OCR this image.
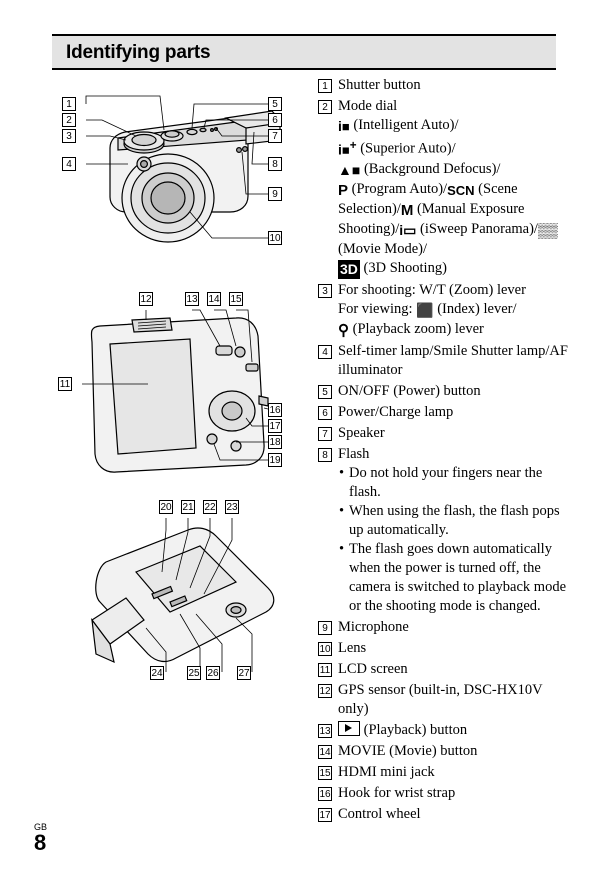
Identifying parts
1
2
3
4
5
6
7
8
9
10
12	13 14 15
11
16
17
18
19
20 21 22 23
24	25 26 27
1 Shutter button
2 Mode dial
i■ (Intelligent Auto)/
i■+ (Superior Auto)/
▲■ (Background Defocus)/
P (Program Auto)/SCN (Scene Selection)/M (Manual Exposure Shooting)/i▭ (iSweep Panorama)/▒▒ (Movie Mode)/
3D (3D Shooting)
3 For shooting: W/T (Zoom) lever
For viewing: ⬛ (Index) lever/
⚲ (Playback zoom) lever
4 Self-timer lamp/Smile Shutter lamp/AF illuminator
5 ON/OFF (Power) button
6 Power/Charge lamp
7 Speaker
8 Flash
• Do not hold your fingers near the flash.
• When using the flash, the flash pops up automatically.
• The flash goes down automatically when the power is turned off, the camera is switched to playback mode or the shooting mode is changed.
9 Microphone
10 Lens
11 LCD screen
12 GPS sensor (built-in, DSC-HX10V only)
13	(Playback) button
14 MOVIE (Movie) button
15 HDMI mini jack
16 Hook for wrist strap
17 Control wheel
GB
8
